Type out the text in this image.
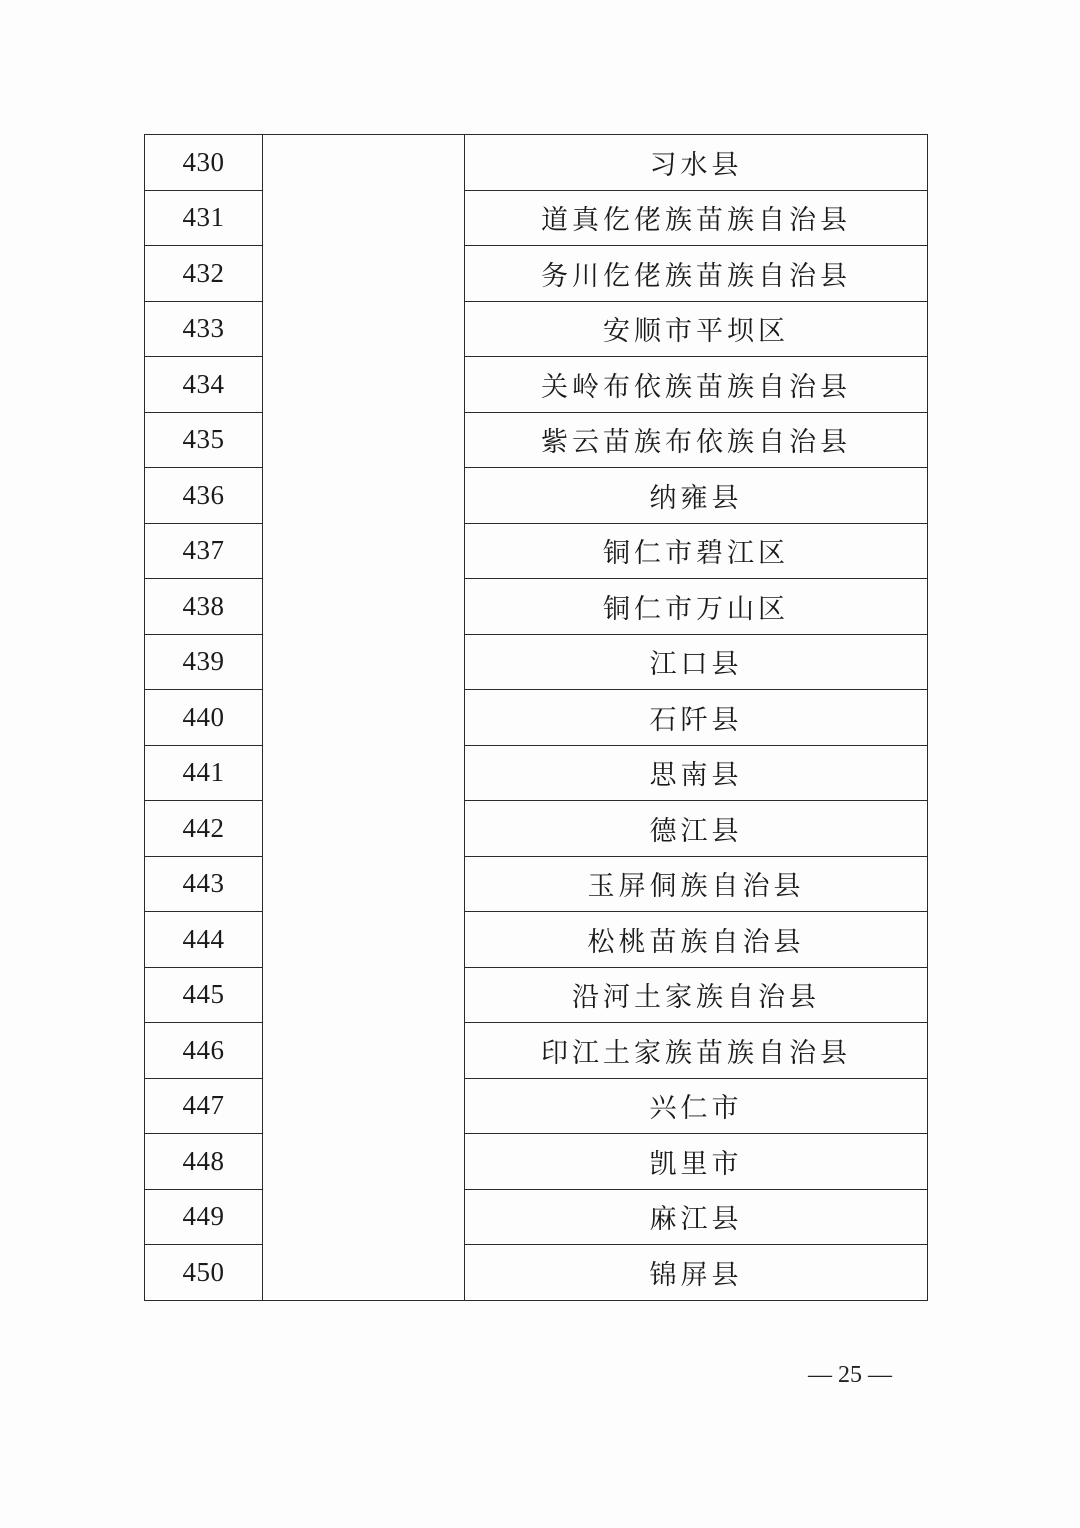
430		习水县
431		道真仡佬族苗族自治县
432		务川仡佬族苗族自治县
433		安顺市平坝区
434		关岭布依族苗族自治县
435		紫云苗族布依族自治县
436		纳雍县
437		铜仁市碧江区
438		铜仁市万山区
439		江口县
440		石阡县
441		思南县
442		德江县
443		玉屏侗族自治县
444		松桃苗族自治县
445		沿河土家族自治县
446		印江土家族苗族自治县
447		兴仁市
448		凯里市
449		麻江县
450		锦屏县
— 25 —
